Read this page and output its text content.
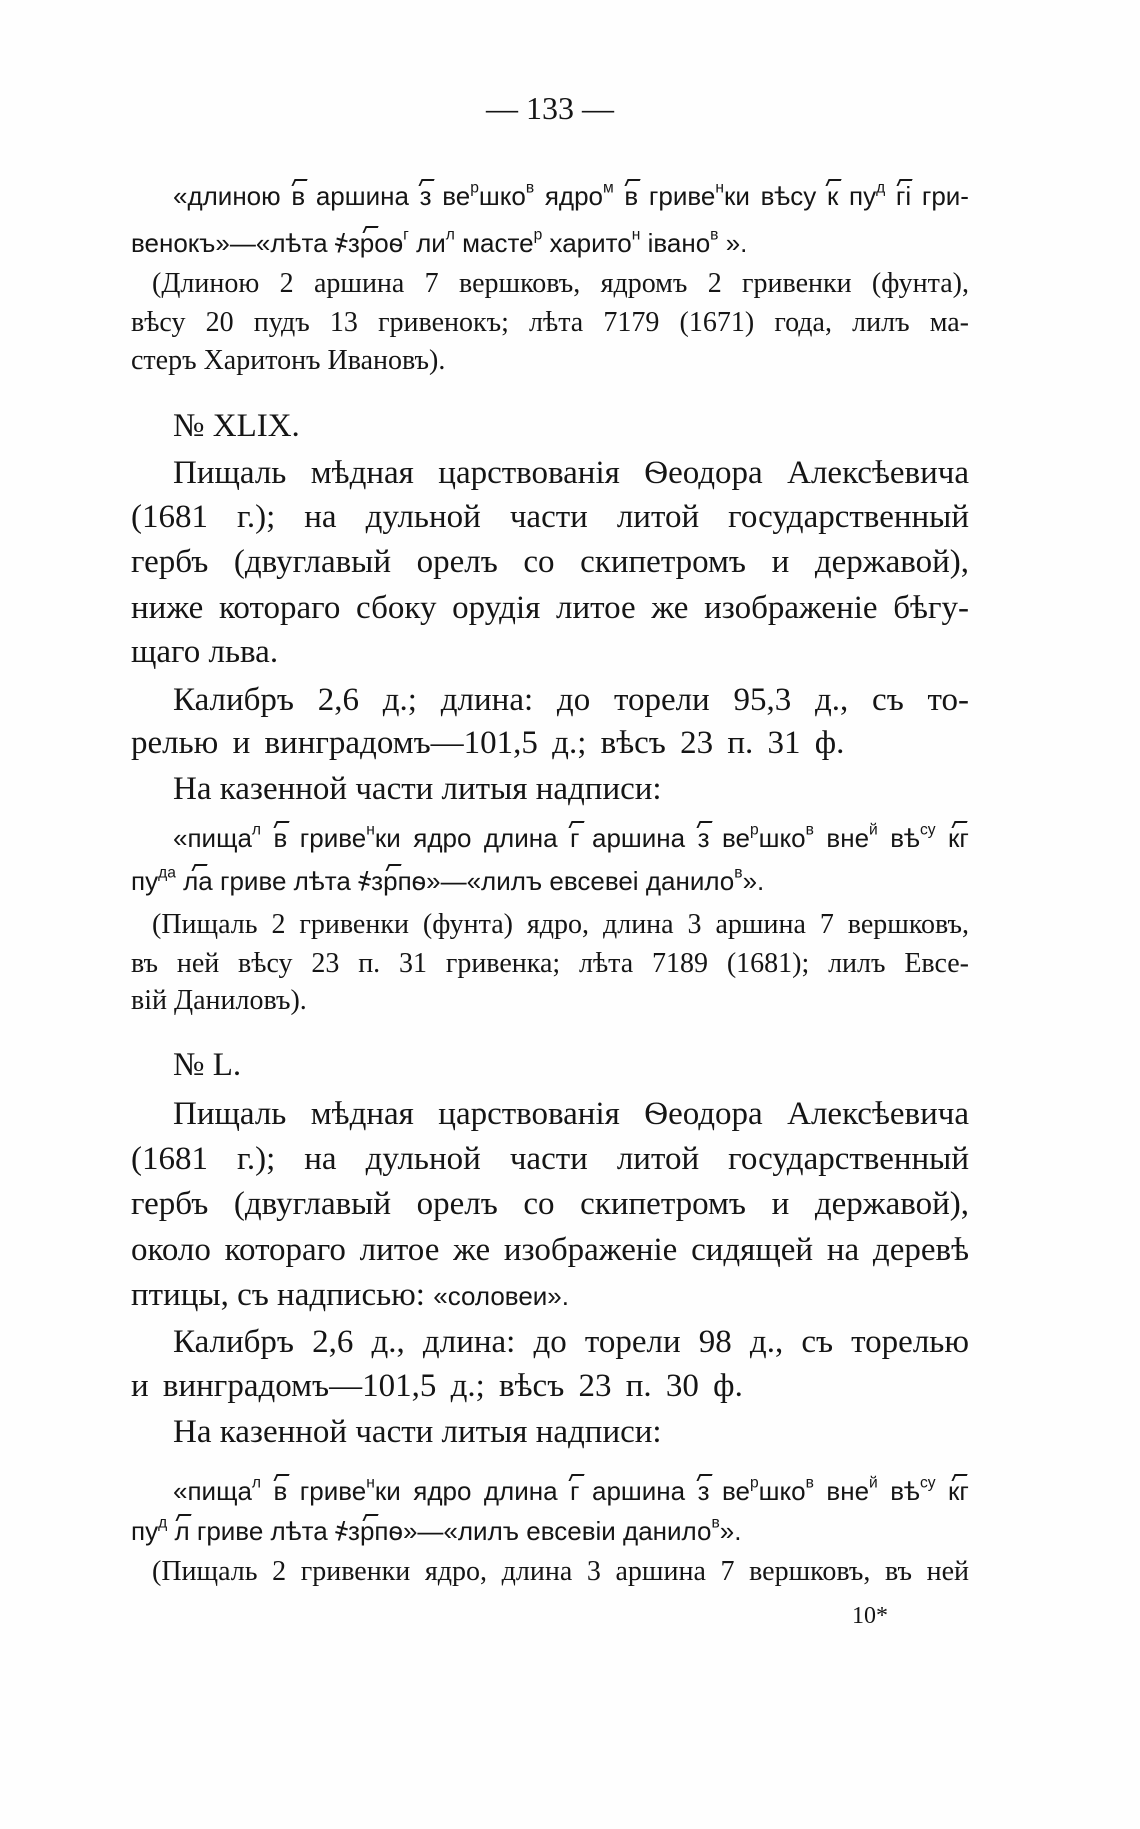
— 133 —
«длиною в аршина з $ве^ршко^в$ ядро$^м$ в гриве$^н$ки вѣсу к $пу^д$ гі гри-
венокъ»—«лѣта ҂зроѳ$^г$ $ли^л$ масте$^р$ харито$^н$ івано$^в$ ».
(Длиною 2 аршина 7 вершковъ, ядромъ 2 гривенки (фунта),
вѣсу 20 пудъ 13 гривенокъ; лѣта 7179 (1671) года, лилъ ма-
стеръ Харитонъ Ивановъ).
№ XLIX.
Пищаль мѣдная царствованія Ѳеодора Алексѣевича
(1681 г.); на дульной части литой государственный
гербъ (двуглавый орелъ со скипетромъ и державой),
ниже котораго сбоку орудія литое же изображеніе бѣгу-
щаго льва.
Калибръ 2,6 д.; длина: до торели 95,3 д., съ то-
релью и винградомъ—101,5 д.; вѣсъ 23 п. 31 ф.
На казенной части литыя надписи:
«пища$^л$ в гриве$^н$ки ядро длина г аршина з $ве^ршко^в$ вне$^й$ $вѣ^{су}$ кг
$пу^{да}$ ла гриве лѣта ҂зрпѳ»—«лилъ евсевеі данило$^в$».
(Пищаль 2 гривенки (фунта) ядро, длина 3 аршина 7 вершковъ,
въ ней вѣсу 23 п. 31 гривенка; лѣта 7189 (1681); лилъ Евсе-
вій Даниловъ).
№ L.
Пищаль мѣдная царствованія Ѳеодора Алексѣевича
(1681 г.); на дульной части литой государственный
гербъ (двуглавый орелъ со скипетромъ и державой),
около котораго литое же изображеніе сидящей на деревѣ
птицы, съ надписью: «соловеи».
Калибръ 2,6 д., длина: до торели 98 д., съ торелью
и винградомъ—101,5 д.; вѣсъ 23 п. 30 ф.
На казенной части литыя надписи:
«пища$^л$ в гриве$^н$ки ядро длина г аршина з $ве^ршко^в$ вне$^й$ $вѣ^{су}$ кг
$пу^д$ л гриве лѣта ҂зрпѳ»—«лилъ евсевіи данило$^в$».
(Пищаль 2 гривенки ядро, длина 3 аршина 7 вершковъ, въ ней
10*
